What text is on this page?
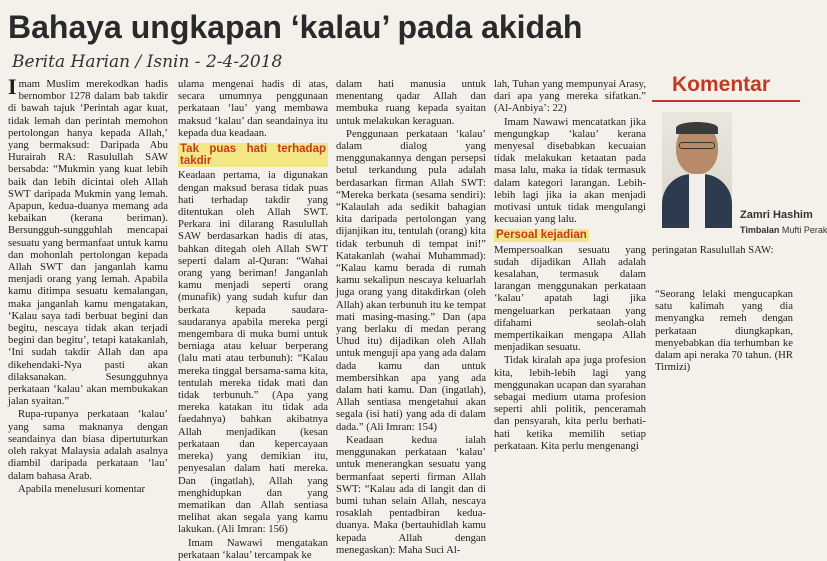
Bahaya ungkapan ‘kalau’ pada akidah
Berita Harian / Isnin - 2-4-2018

Imam Muslim merekodkan hadis bernombor 1278 dalam bab takdir di bawah tajuk ‘Perintah agar kuat, tidak lemah dan perintah memohon pertolongan hanya kepada Allah,’ yang bermaksud: Daripada Abu Hurairah RA: Rasulullah SAW bersabda: “Mukmin yang kuat lebih baik dan lebih dicintai oleh Allah SWT daripada Mukmin yang lemah. Apapun, kedua-duanya memang ada kebaikan (kerana beriman). Bersungguh-sungguhlah mencapai sesuatu yang bermanfaat untuk kamu dan mohonlah pertolongan kepada Allah SWT dan janganlah kamu menjadi orang yang lemah. Apabila kamu ditimpa sesuatu kemalangan, maka janganlah kamu mengatakan, ‘Kalau saya tadi berbuat begini dan begitu, nescaya tidak akan terjadi begini dan begitu’, tetapi katakanlah, ‘Ini sudah takdir Allah dan apa dikehendaki-Nya pasti akan dilaksanakan. Sesungguhnya perkataan ‘kalau’ akan membukakan jalan syaitan.”

Rupa-rupanya perkataan ‘kalau’ yang sama maknanya dengan seandainya dan biasa dipertuturkan oleh rakyat Malaysia adalah asalnya diambil daripada perkataan ‘lau’ dalam bahasa Arab.

Apabila menelusuri komentar

ulama mengenai hadis di atas, secara umumnya penggunaan perkataan ‘lau’ yang membawa maksud ‘kalau’ dan seandainya itu kepada dua keadaan.

Tak puas hati terhadap takdir

Keadaan pertama, ia digunakan dengan maksud berasa tidak puas hati terhadap takdir yang ditentukan oleh Allah SWT. Perkara ini dilarang Rasulullah SAW berdasarkan hadis di atas, bahkan ditegah oleh Allah SWT seperti dalam al-Quran: “Wahai orang yang beriman! Janganlah kamu menjadi seperti orang (munafik) yang sudah kufur dan berkata kepada saudara-saudaranya apabila mereka pergi mengembara di muka bumi untuk berniaga atau keluar berperang (lalu mati atau terbunuh): “Kalau mereka tinggal bersama-sama kita, tentulah mereka tidak mati dan tidak terbunuh.” (Apa yang mereka katakan itu tidak ada faedahnya) bahkan akibatnya Allah menjadikan (kesan perkataan dan kepercayaan mereka) yang demikian itu, penyesalan dalam hati mereka. Dan (ingatlah), Allah yang menghidupkan dan yang mematikan dan Allah sentiasa melihat akan segala yang kamu lakukan. (Ali Imran: 156)

Imam Nawawi mengatakan perkataan ‘kalau’ tercampak ke

dalam hati manusia untuk menentang qadar Allah dan membuka ruang kepada syaitan untuk melakukan keraguan.

Penggunaan perkataan ‘kalau’ dalam dialog yang menggunakannya dengan persepsi betul terkandung pula adalah berdasarkan firman Allah SWT: “Mereka berkata (sesama sendiri): “Kalaulah ada sedikit bahagian kita daripada pertolongan yang dijanjikan itu, tentulah (orang) kita tidak terbunuh di tempat ini!” Katakanlah (wahai Muhammad): “Kalau kamu berada di rumah kamu sekalipun nescaya keluarlah juga orang yang ditakdirkan (oleh Allah) akan terbunuh itu ke tempat mati masing-masing.” Dan (apa yang berlaku di medan perang Uhud itu) dijadikan oleh Allah untuk menguji apa yang ada dalam dada kamu dan untuk membersihkan apa yang ada dalam hati kamu. Dan (ingatlah), Allah sentiasa mengetahui akan segala (isi hati) yang ada di dalam dada.” (Ali Imran: 154)

Keadaan kedua ialah menggunakan perkataan ‘kalau’ untuk menerangkan sesuatu yang bermanfaat seperti firman Allah SWT: “Kalau ada di langit dan di bumi tuhan selain Allah, nescaya rosaklah pentadbiran kedua-duanya. Maka (bertauhidlah kamu kepada Allah dengan menegaskan): Maha Suci Al-

lah, Tuhan yang mempunyai Arasy, dari apa yang mereka sifatkan.” (Al-Anbiya’: 22)

Imam Nawawi mencatatkan jika mengungkap ‘kalau’ kerana menyesal disebabkan kecuaian tidak melakukan ketaatan pada masa lalu, maka ia tidak termasuk dalam kategori larangan. Lebih-lebih lagi jika ia akan menjadi motivasi untuk tidak mengulangi kecuaian yang lalu.

Persoal kejadian

Mempersoalkan sesuatu yang sudah dijadikan Allah adalah kesalahan, termasuk dalam larangan menggunakan perkataan ‘kalau’ apatah lagi jika mengeluarkan perkataan yang difahami seolah-olah mempertikaikan mengapa Allah menjadikan sesuatu.

Tidak kiralah apa juga profesion kita, lebih-lebih lagi yang menggunakan ucapan dan syarahan sebagai medium utama profesion seperti ahli politik, penceramah dan pensyarah, kita perlu berhati-hati ketika memilih setiap perkataan. Kita perlu mengenangi

Komentar
Zamri Hashim
Timbalan Mufti Perak
peringatan Rasulullah SAW:

“Seorang lelaki mengucapkan satu kalimah yang dia menyangka remeh dengan perkataan diungkapkan, menyebabkan dia terhumban ke dalam api neraka 70 tahun. (HR Tirmizi)
